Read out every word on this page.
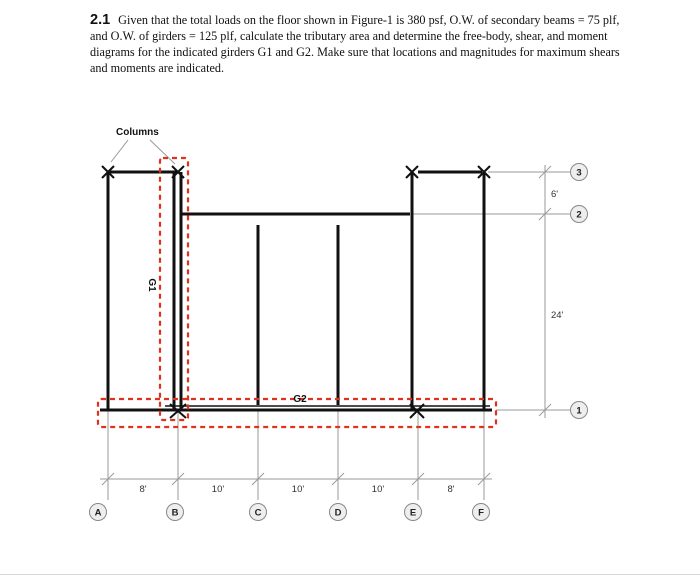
2.1 Given that the total loads on the floor shown in Figure-1 is 380 psf, O.W. of secondary beams = 75 plf, and O.W. of girders = 125 plf, calculate the tributary area and determine the free-body, shear, and moment diagrams for the indicated girders G1 and G2. Make sure that locations and magnitudes for maximum shears and moments are indicated.
Columns
G1
G2
6'
24'
8'	10'	10'	10'	8'
3
2
1
A	B	C	D	E	F
